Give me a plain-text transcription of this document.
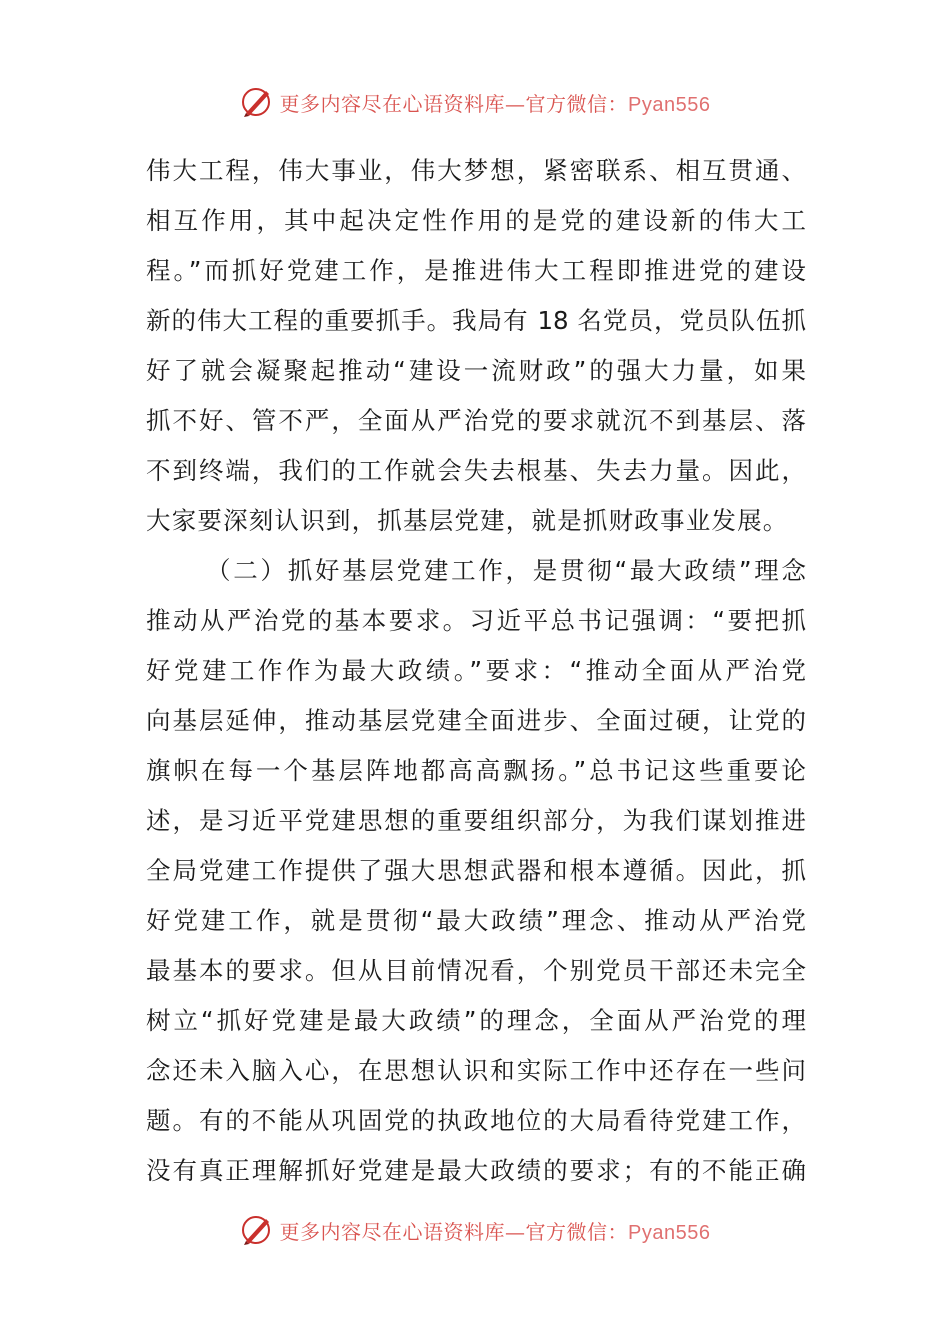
更多内容尽在心语资料库—官方微信：Pyan556
伟大工程，伟大事业，伟大梦想，紧密联系、相互贯通、
相互作用，其中起决定性作用的是党的建设新的伟大工
程。”而抓好党建工作，是推进伟大工程即推进党的建设
新的伟大工程的重要抓手。我局有 18 名党员，党员队伍抓
好了就会凝聚起推动“建设一流财政”的强大力量，如果
抓不好、管不严，全面从严治党的要求就沉不到基层、落
不到终端，我们的工作就会失去根基、失去力量。因此，
大家要深刻认识到，抓基层党建，就是抓财政事业发展。
（二）抓好基层党建工作，是贯彻“最大政绩”理念
推动从严治党的基本要求。习近平总书记强调：“要把抓
好党建工作作为最大政绩。”要求：“推动全面从严治党
向基层延伸，推动基层党建全面进步、全面过硬，让党的
旗帜在每一个基层阵地都高高飘扬。”总书记这些重要论
述，是习近平党建思想的重要组织部分，为我们谋划推进
全局党建工作提供了强大思想武器和根本遵循。因此，抓
好党建工作，就是贯彻“最大政绩”理念、推动从严治党
最基本的要求。但从目前情况看，个别党员干部还未完全
树立“抓好党建是最大政绩”的理念，全面从严治党的理
念还未入脑入心，在思想认识和实际工作中还存在一些问
题。有的不能从巩固党的执政地位的大局看待党建工作，
没有真正理解抓好党建是最大政绩的要求；有的不能正确
更多内容尽在心语资料库—官方微信：Pyan556
